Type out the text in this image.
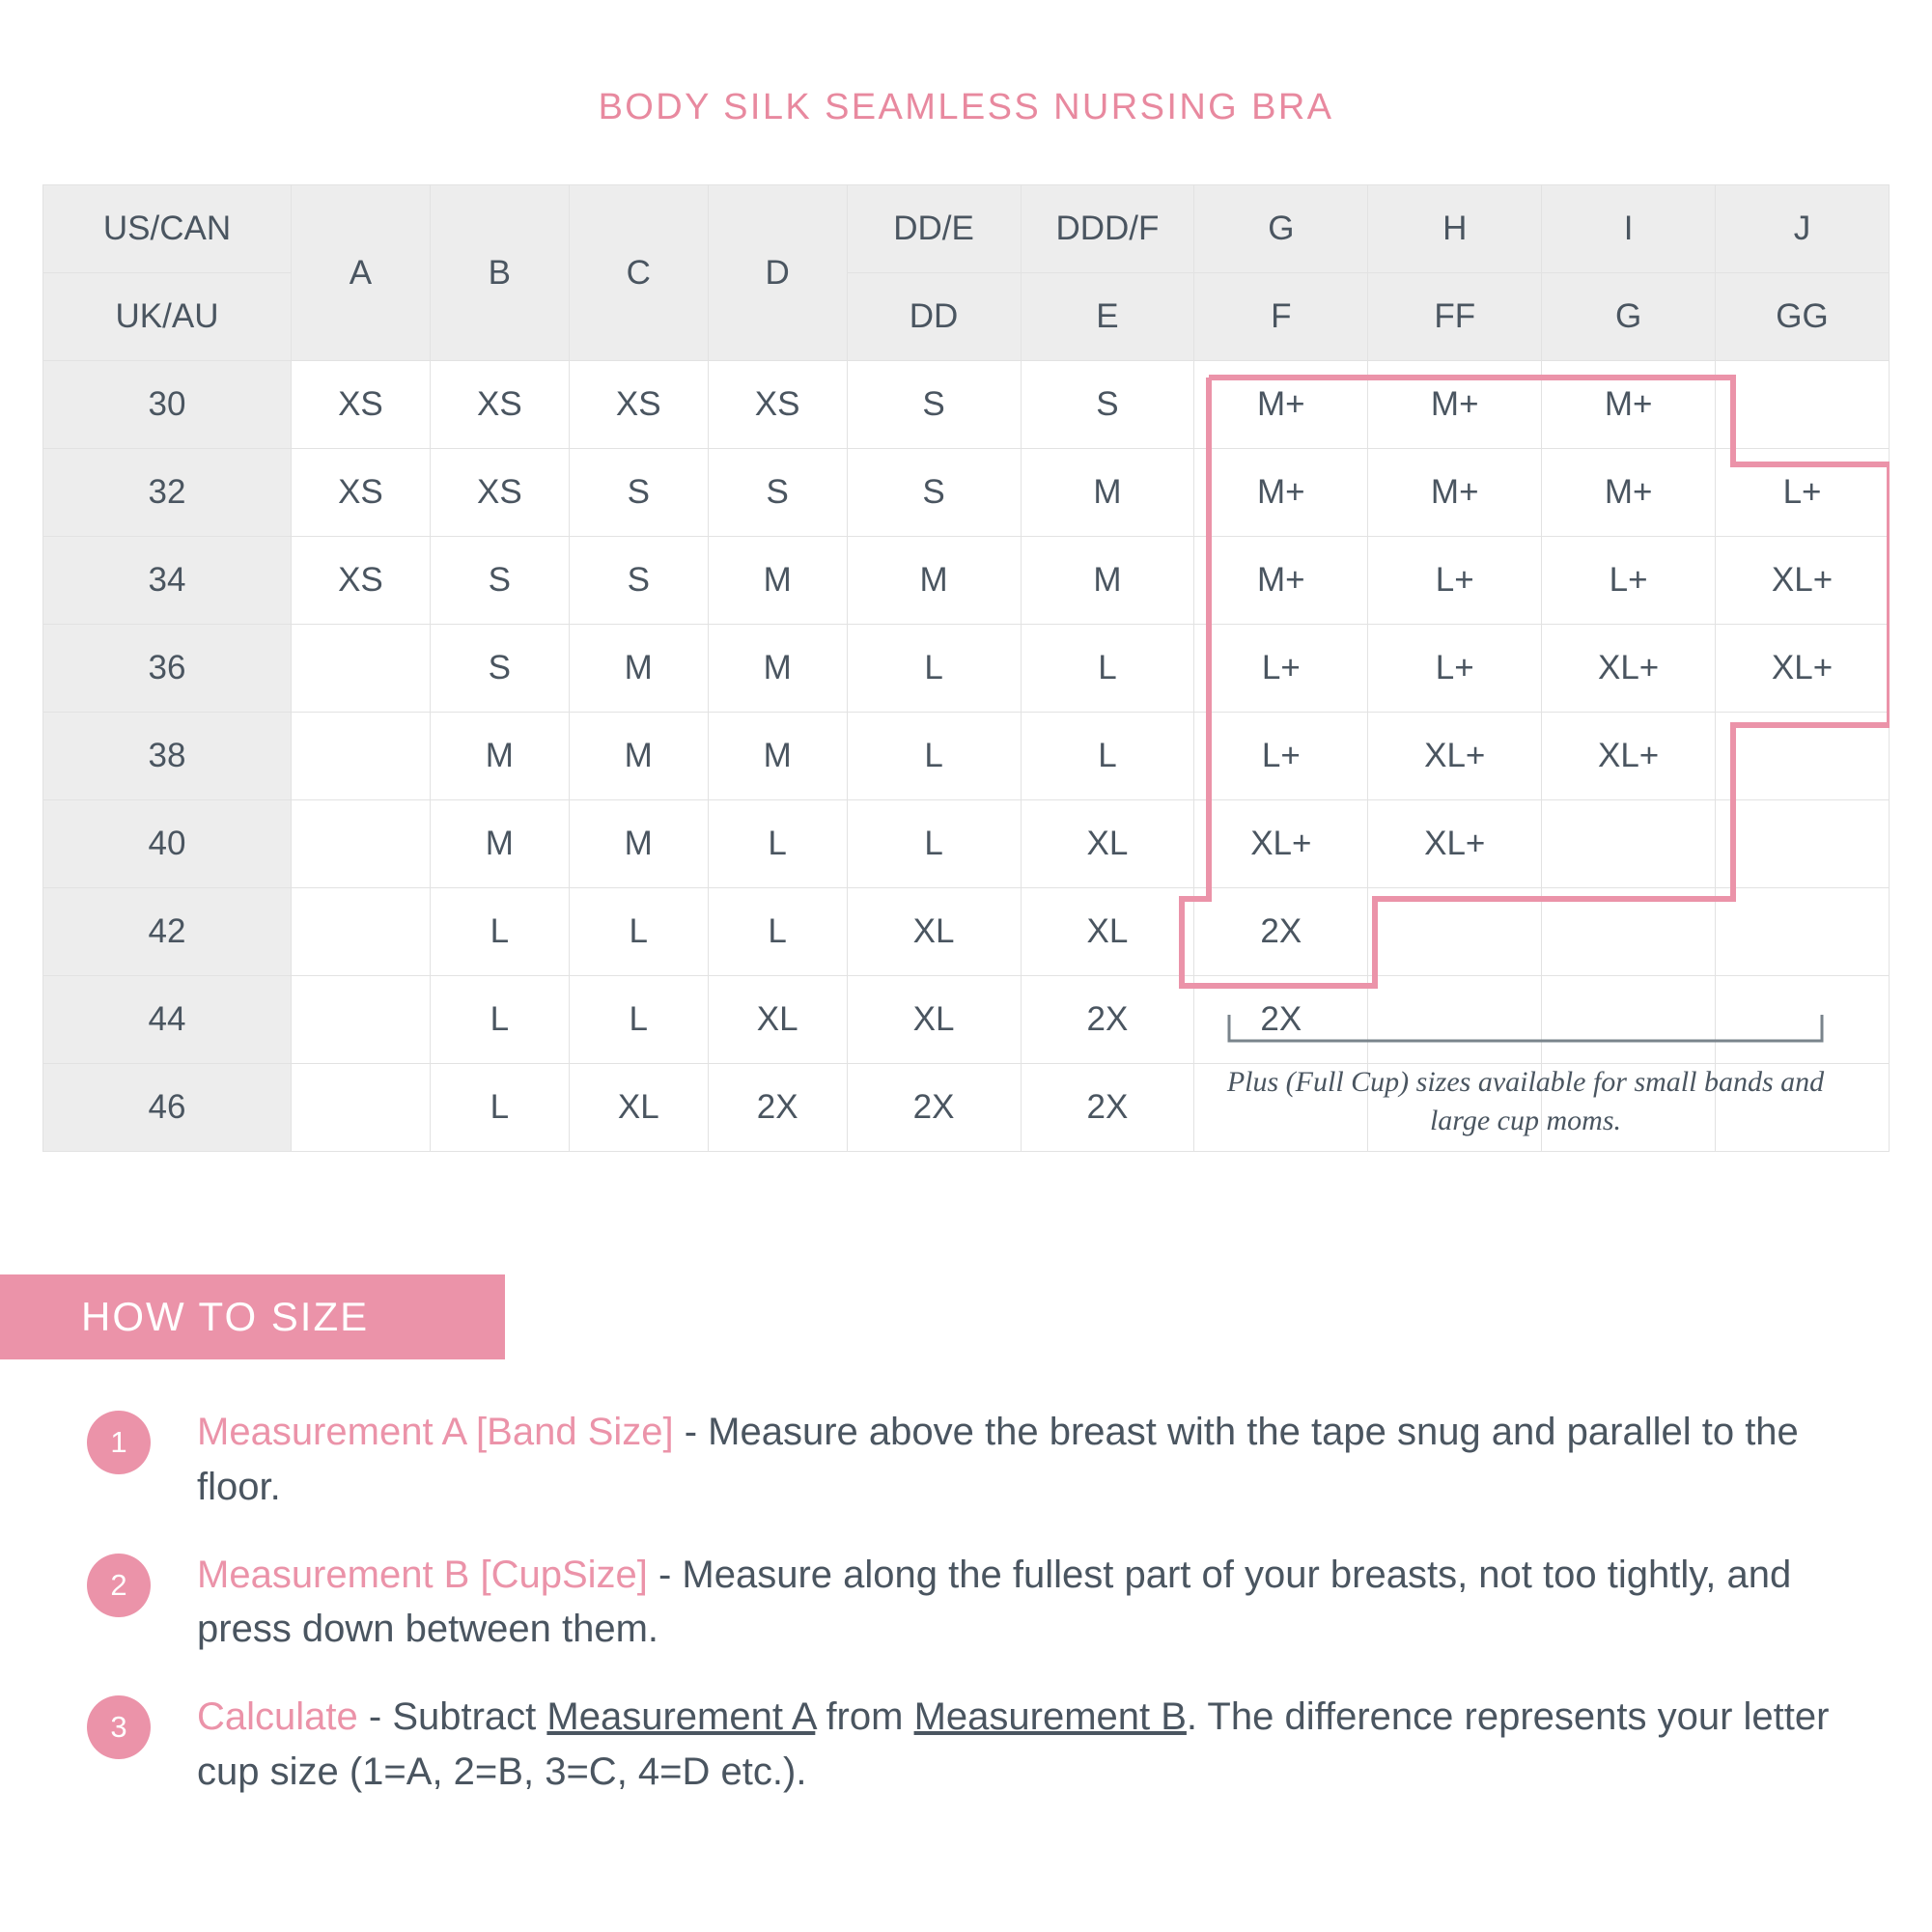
BODY SILK SEAMLESS NURSING BRA
US/CAN	A	B	C	D	DD/E	DDD/F	G	H	I	J
UK/AU					DD	E	F	FF	G	GG
30	XS	XS	XS	XS	S	S	M+	M+	M+	
32	XS	XS	S	S	S	M	M+	M+	M+	L+
34	XS	S	S	M	M	M	M+	L+	L+	XL+
36		S	M	M	L	L	L+	L+	XL+	XL+
38		M	M	M	L	L	L+	XL+	XL+	
40		M	M	L	L	XL	XL+	XL+		
42		L	L	L	XL	XL	2X			
44		L	L	XL	XL	2X	2X			
46		L	XL	2X	2X	2X				
Plus (Full Cup) sizes available for small bands and large cup moms.
HOW TO SIZE
1	Measurement A [Band Size] - Measure above the breast with the tape snug and parallel to the floor.
2	Measurement B [CupSize] - Measure along the fullest part of your breasts, not too tightly, and press down between them.
3	Calculate - Subtract Measurement A from Measurement B. The difference represents your letter cup size (1=A, 2=B, 3=C, 4=D etc.).
